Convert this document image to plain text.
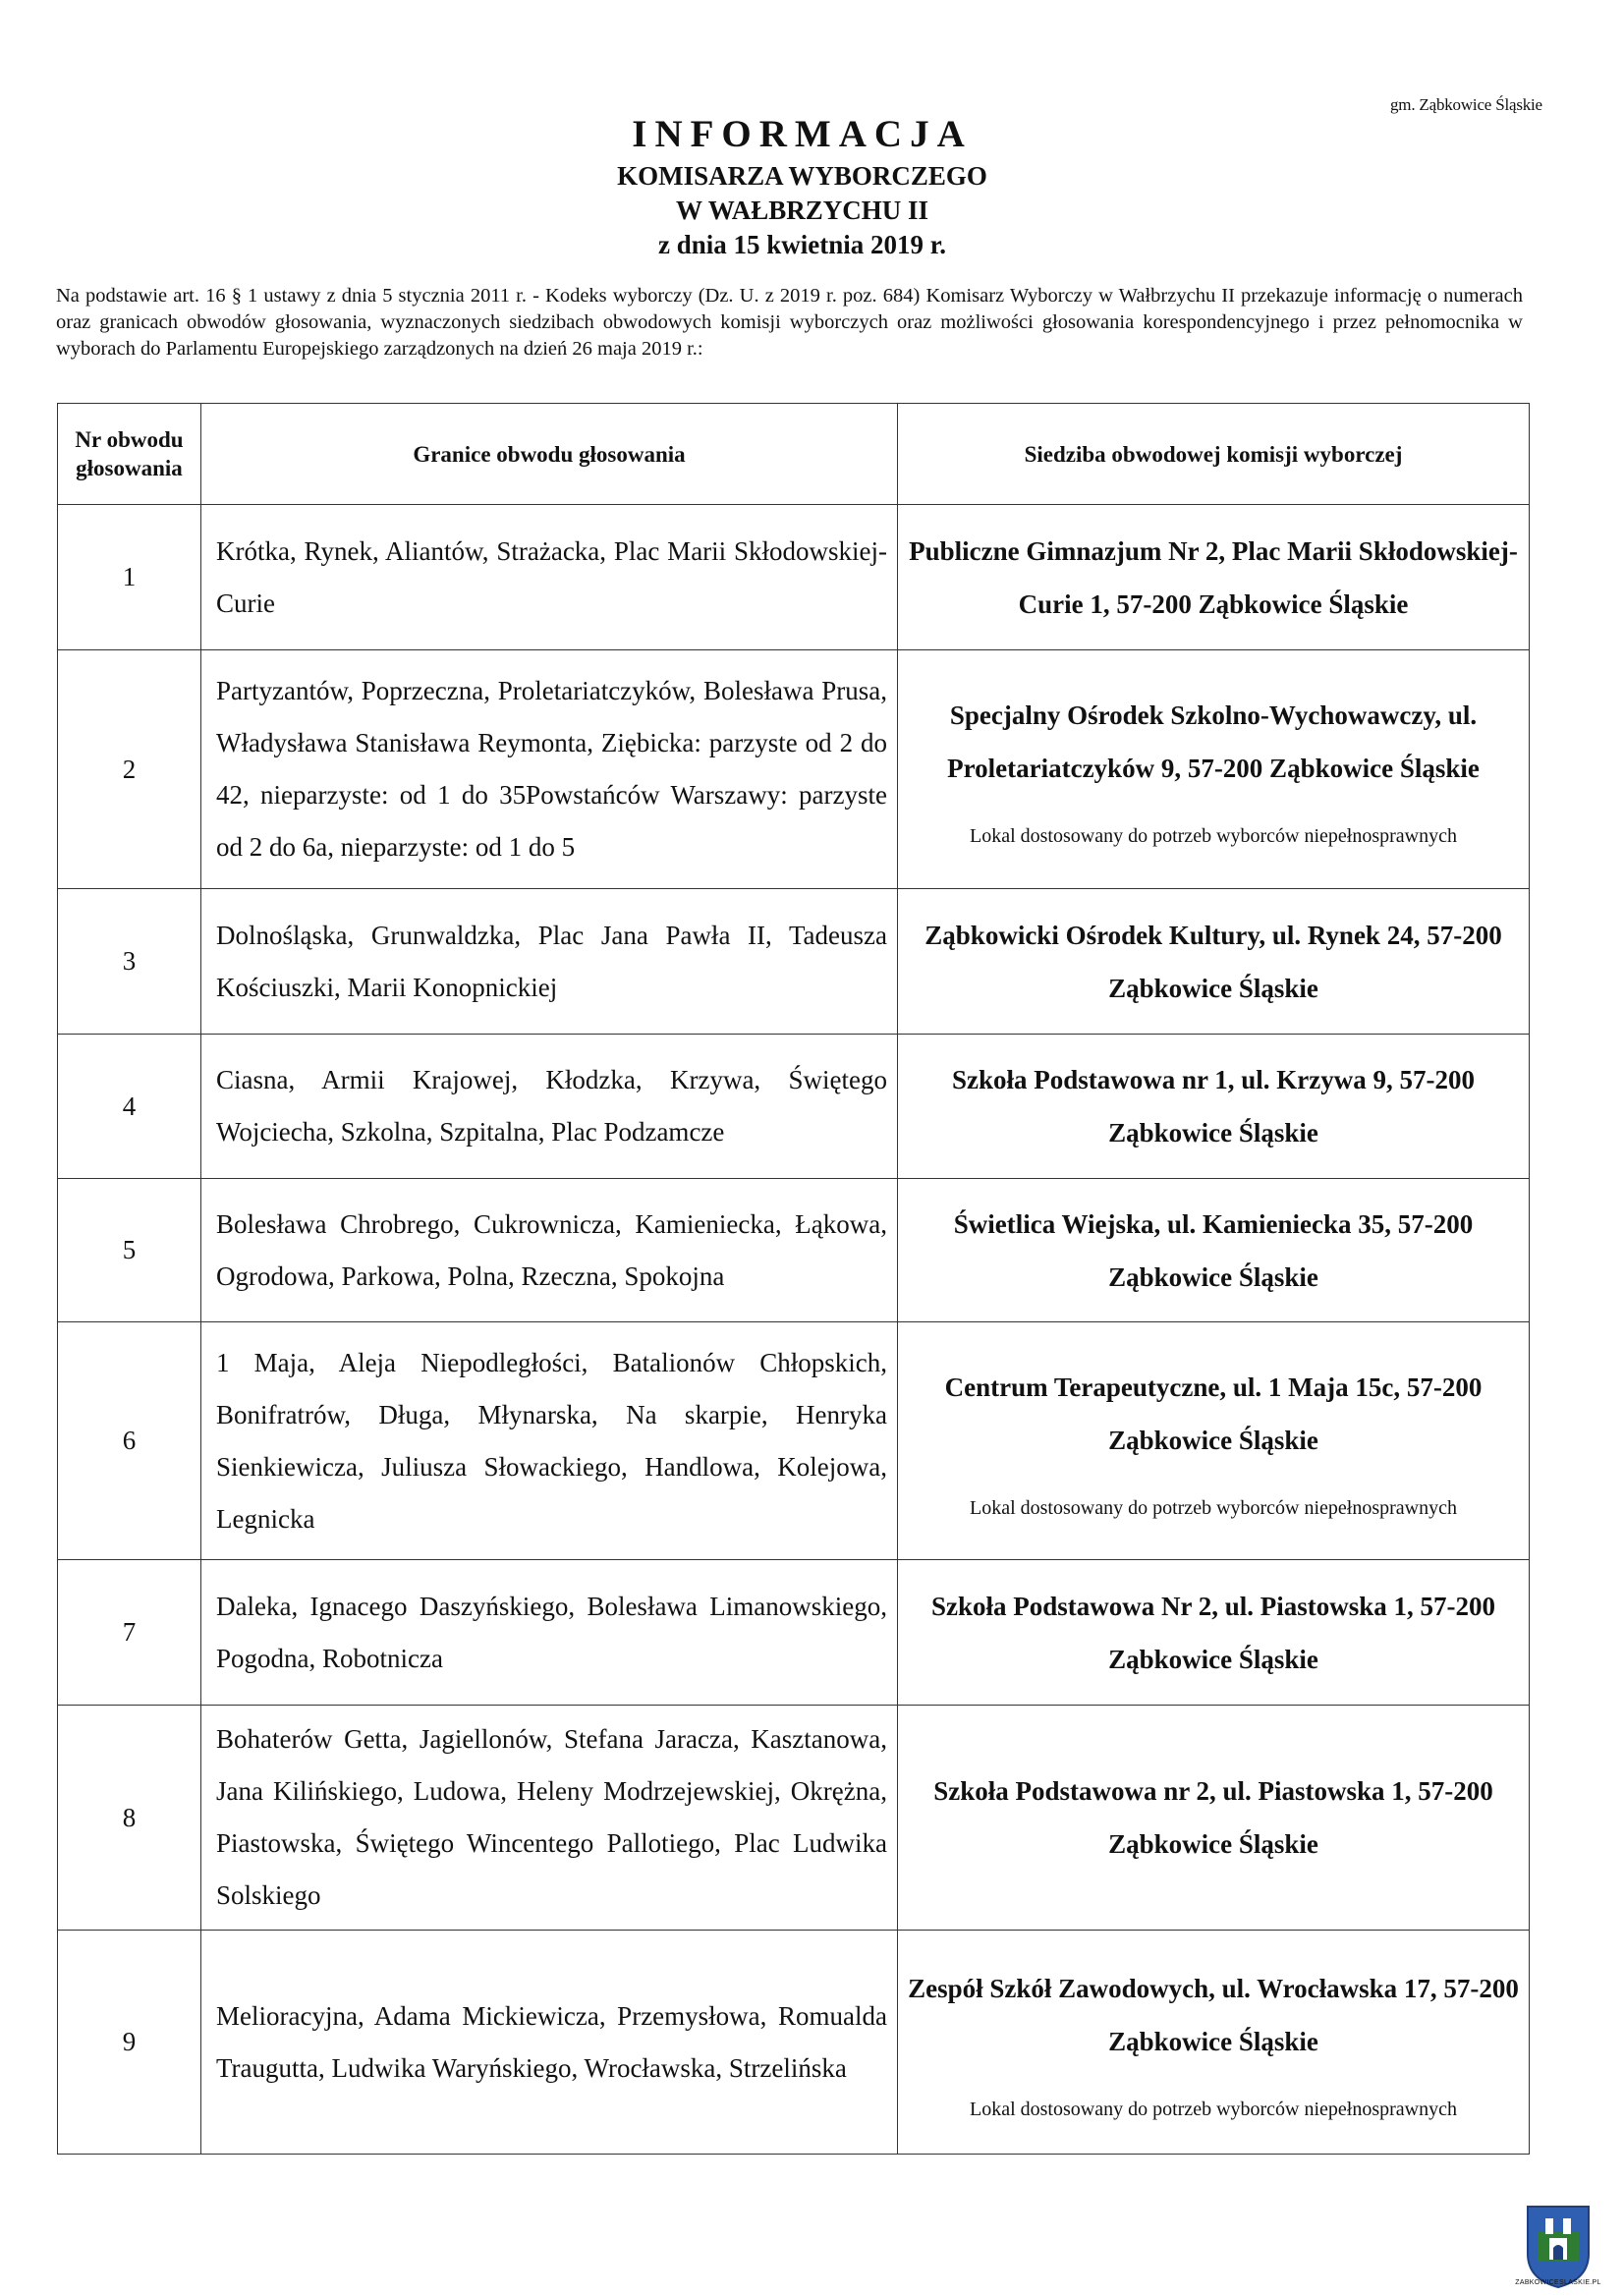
gm. Ząbkowice Śląskie
INFORMACJA
KOMISARZA WYBORCZEGO
W WAŁBRZYCHU II
z dnia 15 kwietnia 2019 r.
Na podstawie art. 16 § 1 ustawy z dnia 5 stycznia 2011 r. - Kodeks wyborczy (Dz. U. z 2019 r. poz. 684) Komisarz Wyborczy w Wałbrzychu II przekazuje informację o numerach oraz granicach obwodów głosowania, wyznaczonych siedzibach obwodowych komisji wyborczych oraz możliwości głosowania korespondencyjnego i przez pełnomocnika w wyborach do Parlamentu Europejskiego zarządzonych na dzień 26 maja 2019 r.:
Nr obwodu głosowania	Granice obwodu głosowania	Siedziba obwodowej komisji wyborczej
1	Krótka, Rynek, Aliantów, Strażacka, Plac Marii Skłodowskiej-Curie	Publiczne Gimnazjum Nr 2, Plac Marii Skłodowskiej-Curie 1, 57-200 Ząbkowice Śląskie

2	Partyzantów, Poprzeczna, Proletariatczyków, Bolesława Prusa, Władysława Stanisława Reymonta, Ziębicka: parzyste od 2 do 42, nieparzyste: od 1 do 35Powstańców Warszawy: parzyste od 2 do 6a, nieparzyste: od 1 do 5	Specjalny Ośrodek Szkolno-Wychowawczy, ul. Proletariatczyków 9, 57-200 Ząbkowice Śląskie
Lokal dostosowany do potrzeb wyborców niepełnosprawnych

3	Dolnośląska, Grunwaldzka, Plac Jana Pawła II, Tadeusza Kościuszki, Marii Konopnickiej	Ząbkowicki Ośrodek Kultury, ul. Rynek 24, 57-200 Ząbkowice Śląskie

4	Ciasna, Armii Krajowej, Kłodzka, Krzywa, Świętego Wojciecha, Szkolna, Szpitalna, Plac Podzamcze	Szkoła Podstawowa nr 1, ul. Krzywa 9, 57-200 Ząbkowice Śląskie

5	Bolesława Chrobrego, Cukrownicza, Kamieniecka, Łąkowa, Ogrodowa, Parkowa, Polna, Rzeczna, Spokojna	Świetlica Wiejska, ul. Kamieniecka 35, 57-200 Ząbkowice Śląskie

6	1 Maja, Aleja Niepodległości, Batalionów Chłopskich, Bonifratrów, Długa, Młynarska, Na skarpie, Henryka Sienkiewicza, Juliusza Słowackiego, Handlowa, Kolejowa, Legnicka	Centrum Terapeutyczne, ul. 1 Maja 15c, 57-200 Ząbkowice Śląskie
Lokal dostosowany do potrzeb wyborców niepełnosprawnych

7	Daleka, Ignacego Daszyńskiego, Bolesława Limanowskiego, Pogodna, Robotnicza	Szkoła Podstawowa Nr 2, ul. Piastowska 1, 57-200 Ząbkowice Śląskie

8	Bohaterów Getta, Jagiellonów, Stefana Jaracza, Kasztanowa, Jana Kilińskiego, Ludowa, Heleny Modrzejewskiej, Okrężna, Piastowska, Świętego Wincentego Pallotiego, Plac Ludwika Solskiego	Szkoła Podstawowa nr 2, ul. Piastowska 1, 57-200 Ząbkowice Śląskie

9	Melioracyjna, Adama Mickiewicza, Przemysłowa, Romualda Traugutta, Ludwika Waryńskiego, Wrocławska, Strzelińska	Zespół Szkół Zawodowych, ul. Wrocławska 17, 57-200 Ząbkowice Śląskie
Lokal dostosowany do potrzeb wyborców niepełnosprawnych
ZABKOWICESLASKIE.PL
